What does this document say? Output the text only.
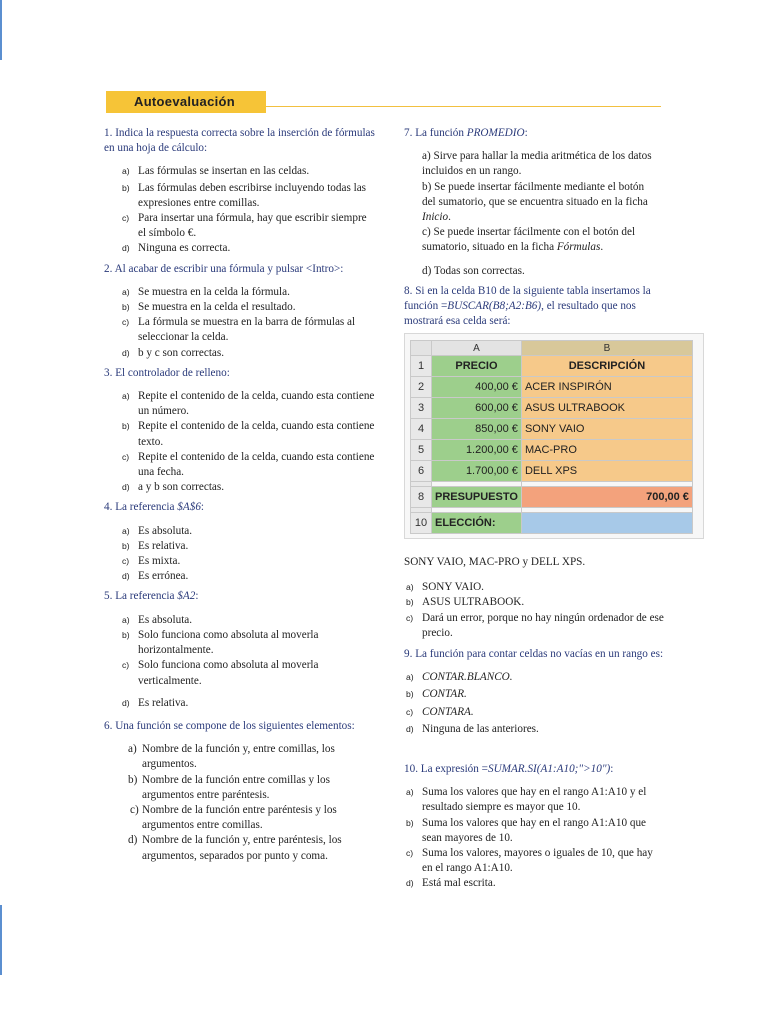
Autoevaluación

1. Indica la respuesta correcta sobre la inserción de fórmulas en una hoja de cálculo:

a) Las fórmulas se insertan en las celdas.
b) Las fórmulas deben escribirse incluyendo todas las expresiones entre comillas.
c) Para insertar una fórmula, hay que escribir siempre el símbolo €.
d) Ninguna es correcta.

2. Al acabar de escribir una fórmula y pulsar <Intro>:

a) Se muestra en la celda la fórmula.
b) Se muestra en la celda el resultado.
c) La fórmula se muestra en la barra de fórmulas al seleccionar la celda.
d) b y c son correctas.

3. El controlador de relleno:

a) Repite el contenido de la celda, cuando esta contiene un número.
b) Repite el contenido de la celda, cuando esta contiene texto.
c) Repite el contenido de la celda, cuando esta contiene una fecha.
d) a y b son correctas.

4. La referencia $A$6:

a) Es absoluta.
b) Es relativa.
c) Es mixta.
d) Es errónea.

5. La referencia $A2:

a) Es absoluta.
b) Solo funciona como absoluta al moverla horizontalmente.
c) Solo funciona como absoluta al moverla verticalmente.
d) Es relativa.

6. Una función se compone de los siguientes elementos:

a) Nombre de la función y, entre comillas, los argumentos.
b) Nombre de la función entre comillas y los argumentos entre paréntesis.
c) Nombre de la función entre paréntesis y los argumentos entre comillas.
d) Nombre de la función y, entre paréntesis, los argumentos, separados por punto y coma.

7. La función PROMEDIO:

a) Sirve para hallar la media aritmética de los datos incluidos en un rango.
b) Se puede insertar fácilmente mediante el botón del sumatorio, que se encuentra situado en la ficha Inicio.
c) Se puede insertar fácilmente con el botón del sumatorio, situado en la ficha Fórmulas.
d) Todas son correctas.

8. Si en la celda B10 de la siguiente tabla insertamos la función =BUSCAR(B8;A2:B6), el resultado que nos mostrará esa celda será:

	A	B
1	PRECIO	DESCRIPCIÓN
2	400,00 €	ACER INSPIRÓN
3	600,00 €	ASUS ULTRABOOK
4	850,00 €	SONY VAIO
5	1.200,00 €	MAC-PRO
6	1.700,00 €	DELL XPS

8	PRESUPUESTO	700,00 €

10	ELECCIÓN:	
SONY VAIO, MAC-PRO y DELL XPS.
a) SONY VAIO.
b) ASUS ULTRABOOK.
c) Dará un error, porque no hay ningún ordenador de ese precio.

9. La función para contar celdas no vacías en un rango es:

a) CONTAR.BLANCO.
b) CONTAR.
c) CONTARA.
d) Ninguna de las anteriores.

10. La expresión =SUMAR.SI(A1:A10;">10"):

a) Suma los valores que hay en el rango A1:A10 y el resultado siempre es mayor que 10.
b) Suma los valores que hay en el rango A1:A10 que sean mayores de 10.
c) Suma los valores, mayores o iguales de 10, que hay en el rango A1:A10.
d) Está mal escrita.
